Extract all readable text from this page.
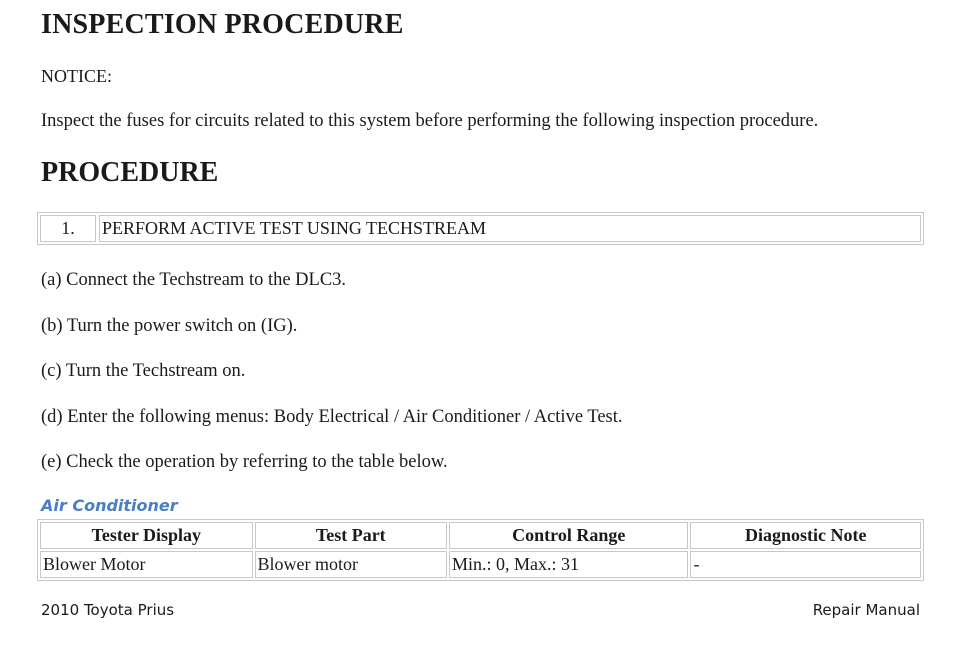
INSPECTION PROCEDURE
NOTICE:
Inspect the fuses for circuits related to this system before performing the following inspection procedure.
PROCEDURE
1.	PERFORM ACTIVE TEST USING TECHSTREAM
(a) Connect the Techstream to the DLC3.
(b) Turn the power switch on (IG).
(c) Turn the Techstream on.
(d) Enter the following menus: Body Electrical / Air Conditioner / Active Test.
(e) Check the operation by referring to the table below.
Air Conditioner
Tester Display	Test Part	Control Range	Diagnostic Note
Blower Motor	Blower motor	Min.: 0, Max.: 31	-
2010 Toyota Prius	Repair Manual
